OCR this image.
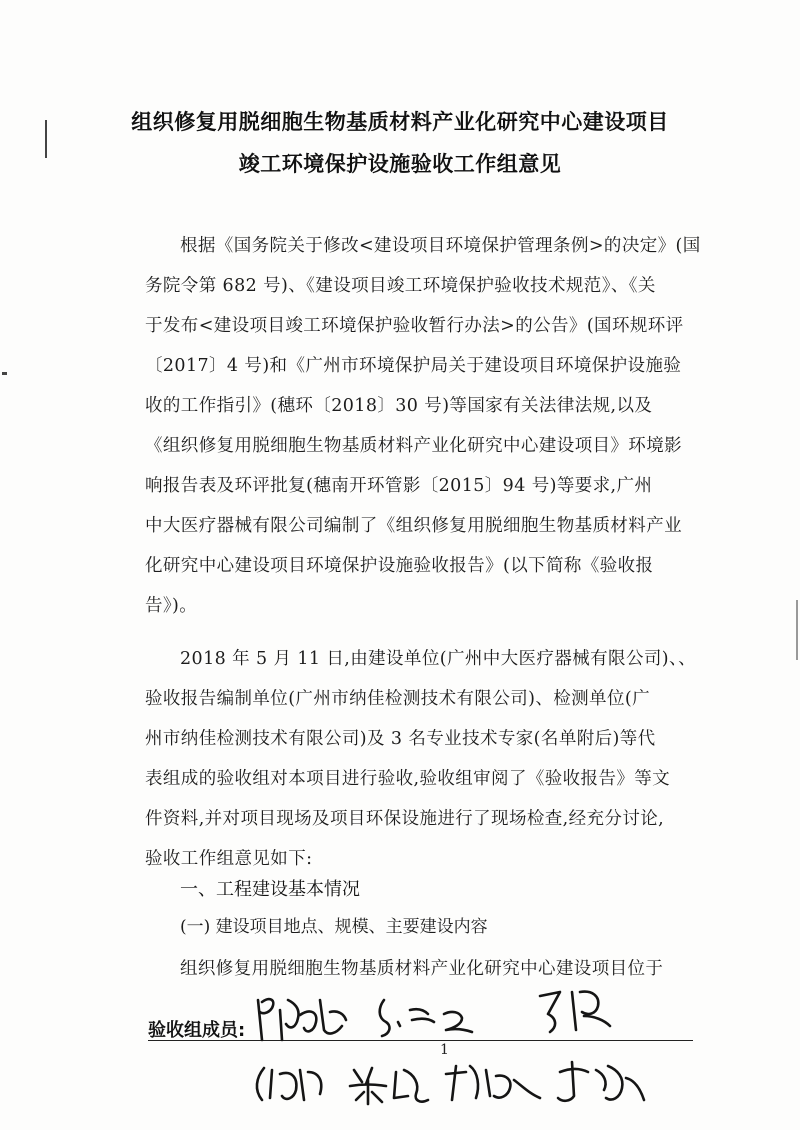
组织修复用脱细胞生物基质材料产业化研究中心建设项目
竣工环境保护设施验收工作组意见
根据《国务院关于修改<建设项目环境保护管理条例>的决定》(国
务院令第 682 号)、《建设项目竣工环境保护验收技术规范》、《关
于发布<建设项目竣工环境保护验收暂行办法>的公告》(国环规环评
〔2017〕4 号)和《广州市环境保护局关于建设项目环境保护设施验
收的工作指引》(穗环〔2018〕30 号)等国家有关法律法规,以及
《组织修复用脱细胞生物基质材料产业化研究中心建设项目》环境影
响报告表及环评批复(穗南开环管影〔2015〕94 号)等要求,广州
中大医疗器械有限公司编制了《组织修复用脱细胞生物基质材料产业
化研究中心建设项目环境保护设施验收报告》(以下简称《验收报
告》)。
2018 年 5 月 11 日,由建设单位(广州中大医疗器械有限公司)、、
验收报告编制单位(广州市纳佳检测技术有限公司)、检测单位(广
州市纳佳检测技术有限公司)及 3 名专业技术专家(名单附后)等代
表组成的验收组对本项目进行验收,验收组审阅了《验收报告》等文
件资料,并对项目现场及项目环保设施进行了现场检查,经充分讨论,
验收工作组意见如下:
一、工程建设基本情况
(一) 建设项目地点、规模、主要建设内容
组织修复用脱细胞生物基质材料产业化研究中心建设项目位于
验收组成员:
1
